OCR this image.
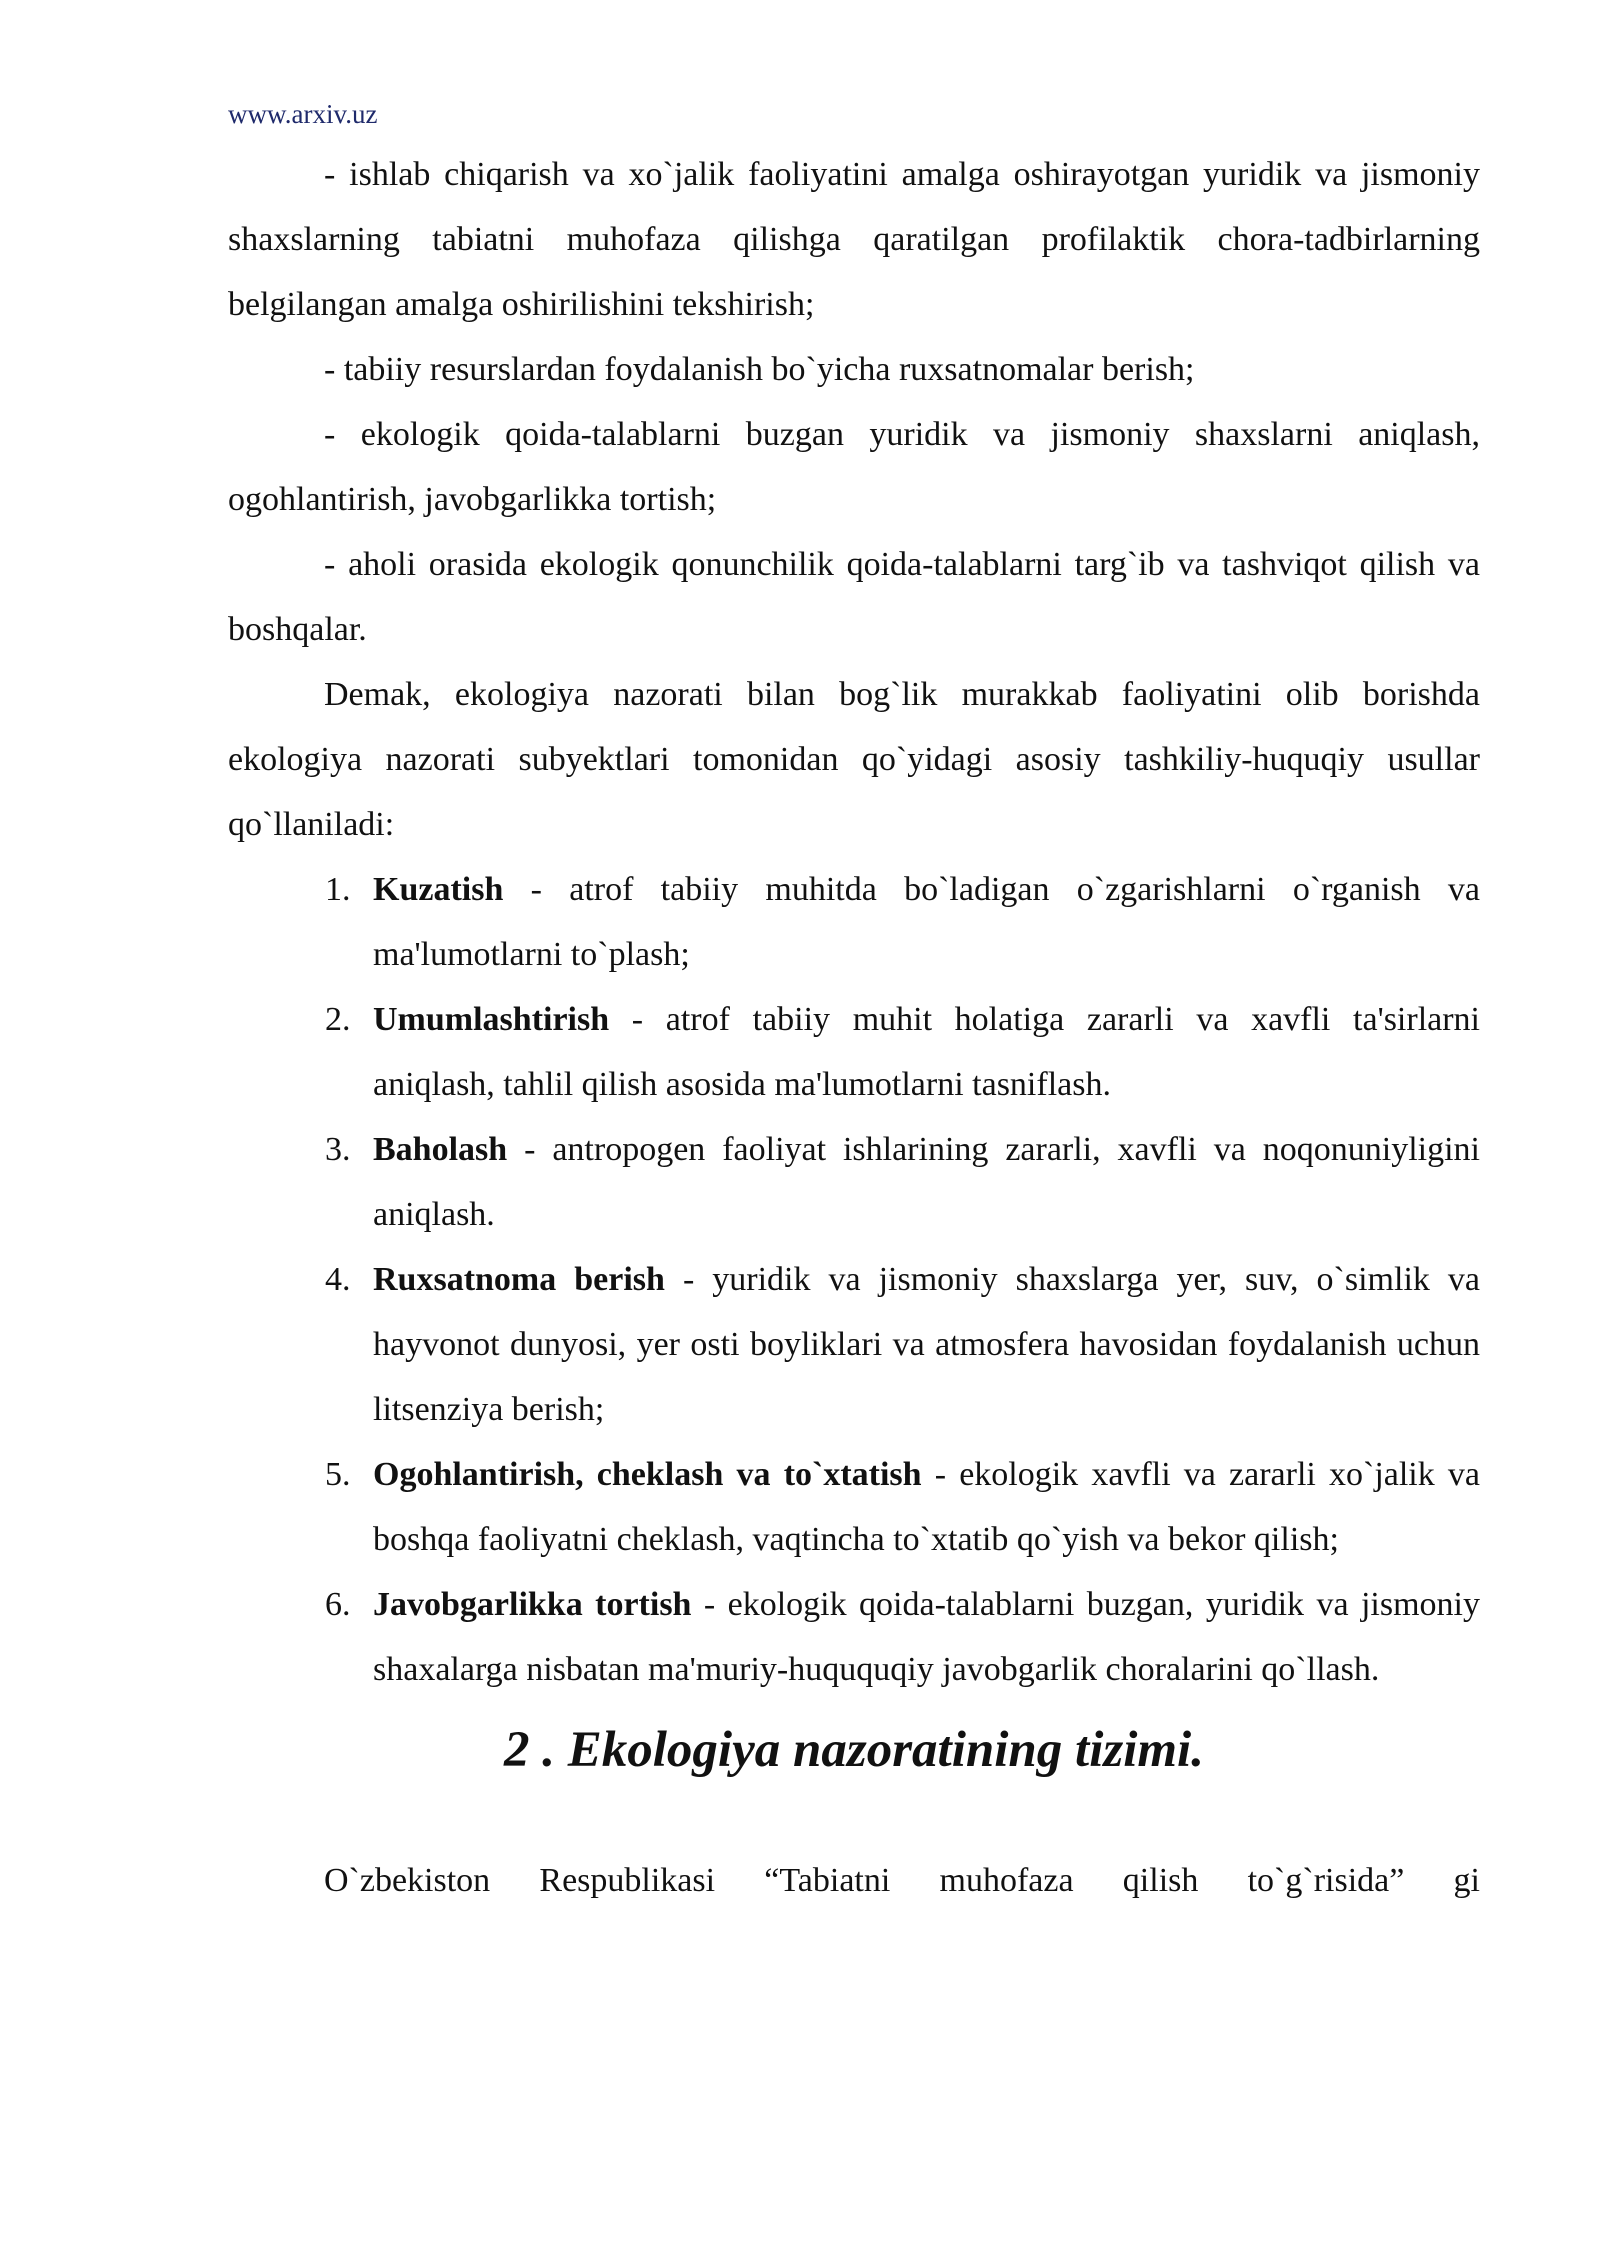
www.arxiv.uz

- ishlab chiqarish va xo`jalik faoliyatini amalga oshirayotgan yuridik va jismoniy shaxslarning tabiatni muhofaza qilishga qaratilgan profilaktik chora-tadbirlarning belgilangan amalga oshirilishini tekshirish;

- tabiiy resurslardan foydalanish bo`yicha ruxsatnomalar berish;

- ekologik qoida-talablarni buzgan yuridik va jismoniy shaxslarni aniqlash, ogohlantirish, javobgarlikka tortish;

- aholi orasida ekologik qonunchilik qoida-talablarni targ`ib va tashviqot qilish va boshqalar.

Demak, ekologiya nazorati bilan bog`lik murakkab faoliyatini olib borishda ekologiya nazorati subyektlari tomonidan qo`yidagi asosiy tashkiliy-huquqiy usullar qo`llaniladi:

1. Kuzatish - atrof tabiiy muhitda bo`ladigan o`zgarishlarni o`rganish va ma'lumotlarni to`plash;
2. Umumlashtirish - atrof tabiiy muhit holatiga zararli va xavfli ta'sirlarni aniqlash, tahlil qilish asosida ma'lumotlarni tasniflash.
3. Baholash - antropogen faoliyat ishlarining zararli, xavfli va noqonuniyligini aniqlash.
4. Ruxsatnoma berish - yuridik va jismoniy shaxslarga yer, suv, o`simlik va hayvonot dunyosi, yer osti boyliklari va atmosfera havosidan foydalanish uchun litsenziya berish;
5. Ogohlantirish, cheklash va to`xtatish - ekologik xavfli va zararli xo`jalik va boshqa faoliyatni cheklash, vaqtincha to`xtatib qo`yish va bekor qilish;
6. Javobgarlikka tortish - ekologik qoida-talablarni buzgan, yuridik va jismoniy shaxalarga nisbatan ma'muriy-huququqiy javobgarlik choralarini qo`llash.
2 . Ekologiya nazoratining tizimi.

O`zbekiston Respublikasi “Tabiatni muhofaza qilish to`g`risida” gi
